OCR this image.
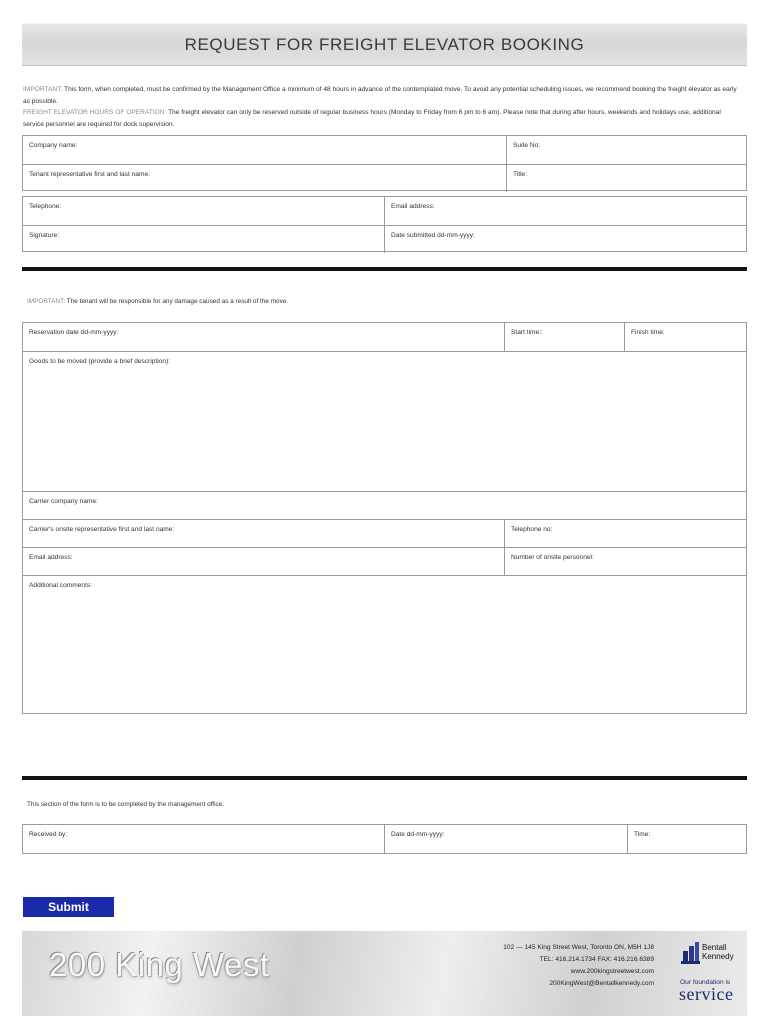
REQUEST FOR FREIGHT ELEVATOR BOOKING
IMPORTANT: This form, when completed, must be confirmed by the Management Office a minimum of 48 hours in advance of the contemplated move. To avoid any potential scheduling issues, we recommend booking the freight elevator as early as possible.
FREIGHT ELEVATOR HOURS OF OPERATION: The freight elevator can only be reserved outside of regular business hours (Monday to Friday from 6 pm to 6 am). Please note that during after hours, weekends and holidays use, additional service personnel are required for dock supervision.
Company name:	Suite No:
Tenant representative first and last name:	Title:
Telephone:	Email address:
Signature:	Date submitted dd-mm-yyyy:
IMPORTANT: The tenant will be responsible for any damage caused as a result of the move.
Reservation date dd-mm-yyyy:	Start time::	Finish time:
Goods to be moved (provide a brief description):
Carrier company name:
Carrier's onsite representative first and last name:	Telephone no:
Email address:	Number of onsite personnel:
Additional comments:
This section of the form is to be completed by the management office.
Received by:	Date dd-mm-yyyy:	Time:
Submit
200 King West	102 — 145 King Street West, Toronto ON, M5H 1J8
TEL: 416.214.1734 FAX: 416.216.6389
www.200kingstreetwest.com
200KingWest@Bentallkennedy.com
Bentall
Kennedy
Our foundation is
service
